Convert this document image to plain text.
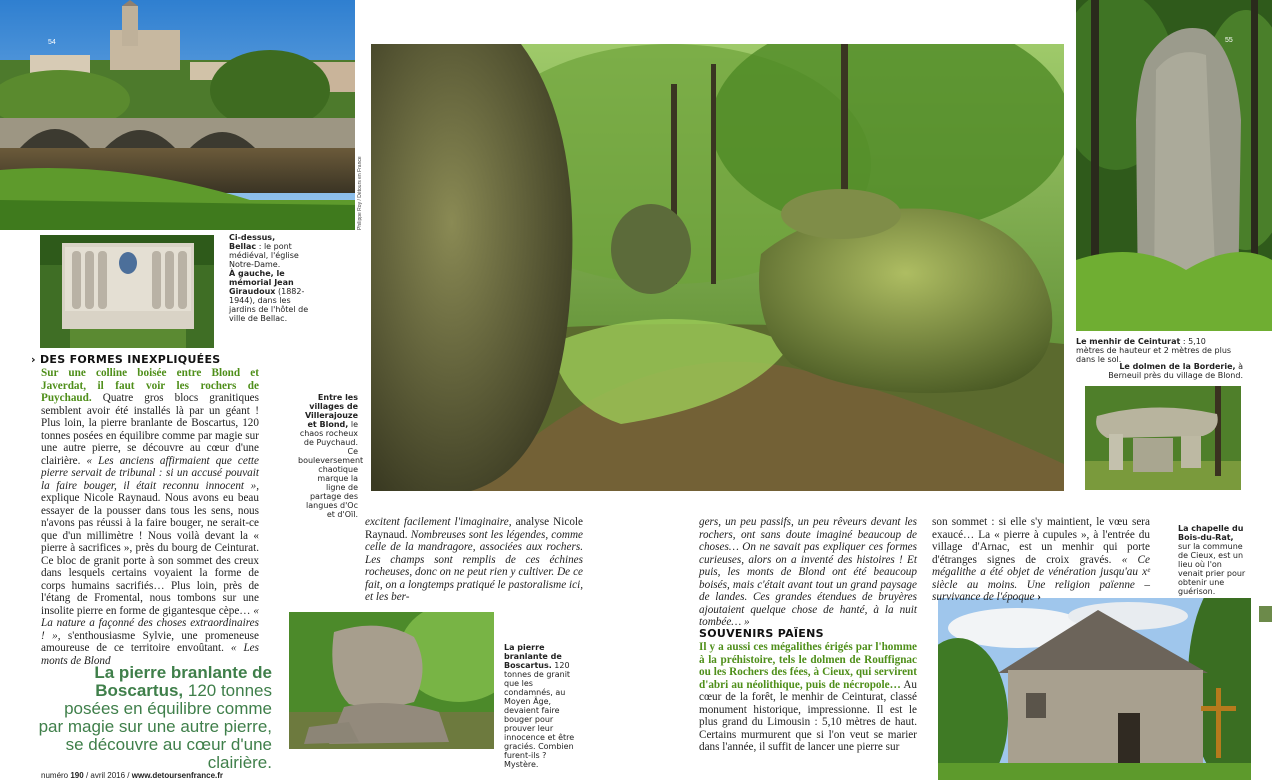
54
Philippe Roy / Détours en France
55
Ci-dessus,
Bellac : le pont médiéval, l'église Notre-Dame.
À gauche, le mémorial Jean Giraudoux (1882-1944), dans les jardins de l'hôtel de ville de Bellac.
Entre les villages de Villerajouze et Blond, le chaos rocheux de Puychaud. Ce bouleversement chaotique marque la ligne de partage des langues d'Oc et d'Oïl.
La pierre branlante de Boscartus. 120 tonnes de granit que les condamnés, au Moyen Âge, devaient faire bouger pour prouver leur innocence et être graciés. Combien furent-ils ? Mystère.
Le menhir de Ceinturat : 5,10 mètres de hauteur et 2 mètres de plus dans le sol.
Le dolmen de la Borderie, à Berneuil près du village de Blond.
La chapelle du Bois-du-Rat, sur la commune de Cieux, est un lieu où l'on venait prier pour obtenir une guérison.
› DES FORMES INEXPLIQUÉES
Sur une colline boisée entre Blond et Javerdat, il faut voir les rochers de Puychaud. Quatre gros blocs granitiques semblent avoir été installés là par un géant ! Plus loin, la pierre branlante de Boscartus, 120 tonnes posées en équilibre comme par magie sur une autre pierre, se découvre au cœur d'une clairière. « Les anciens affirmaient que cette pierre servait de tribunal : si un accusé pouvait la faire bouger, il était reconnu innocent », explique Nicole Raynaud. Nous avons eu beau essayer de la pousser dans tous les sens, nous n'avons pas réussi à la faire bouger, ne serait-ce que d'un millimètre ! Nous voilà devant la « pierre à sacrifices », près du bourg de Ceinturat. Ce bloc de granit porte à son sommet des creux dans lesquels certains voyaient la forme de corps humains sacrifiés… Plus loin, près de l'étang de Fromental, nous tombons sur une insolite pierre en forme de gigantesque cèpe… « La nature a façonné des choses extraordinaires ! », s'enthousiasme Sylvie, une promeneuse amoureuse de ce territoire envoûtant. « Les monts de Blond
La pierre branlante de Boscartus, 120 tonnes posées en équilibre comme par magie sur une autre pierre, se découvre au cœur d'une clairière.
numéro 190 / avril 2016 / www.detoursenfrance.fr
excitent facilement l'imaginaire, analyse Nicole Raynaud. Nombreuses sont les légendes, comme celle de la mandragore, associées aux rochers. Les champs sont remplis de ces échines rocheuses, donc on ne peut rien y cultiver. De ce fait, on a longtemps pratiqué le pastoralisme ici, et les ber-
gers, un peu passifs, un peu rêveurs devant les rochers, ont sans doute imaginé beaucoup de choses… On ne savait pas expliquer ces formes curieuses, alors on a inventé des histoires ! Et puis, les monts de Blond ont été beaucoup boisés, mais c'était avant tout un grand paysage de landes. Ces grandes étendues de bruyères ajoutaient quelque chose de hanté, à la nuit tombée… »
SOUVENIRS PAÏENS
Il y a aussi ces mégalithes érigés par l'homme à la préhistoire, tels le dolmen de Rouffignac ou les Rochers des fées, à Cieux, qui servirent d'abri au néolithique, puis de nécropole… Au cœur de la forêt, le menhir de Ceinturat, classé monument historique, impressionne. Il est le plus grand du Limousin : 5,10 mètres de haut. Certains murmurent que si l'on veut se marier dans l'année, il suffit de lancer une pierre sur
son sommet : si elle s'y maintient, le vœu sera exaucé… La « pierre à cupules », à l'entrée du village d'Arnac, est un menhir qui porte d'étranges signes de croix gravés. « Ce mégalithe a été objet de vénération jusqu'au xᵉ siècle au moins. Une religion païenne – survivance de l'époque ›
